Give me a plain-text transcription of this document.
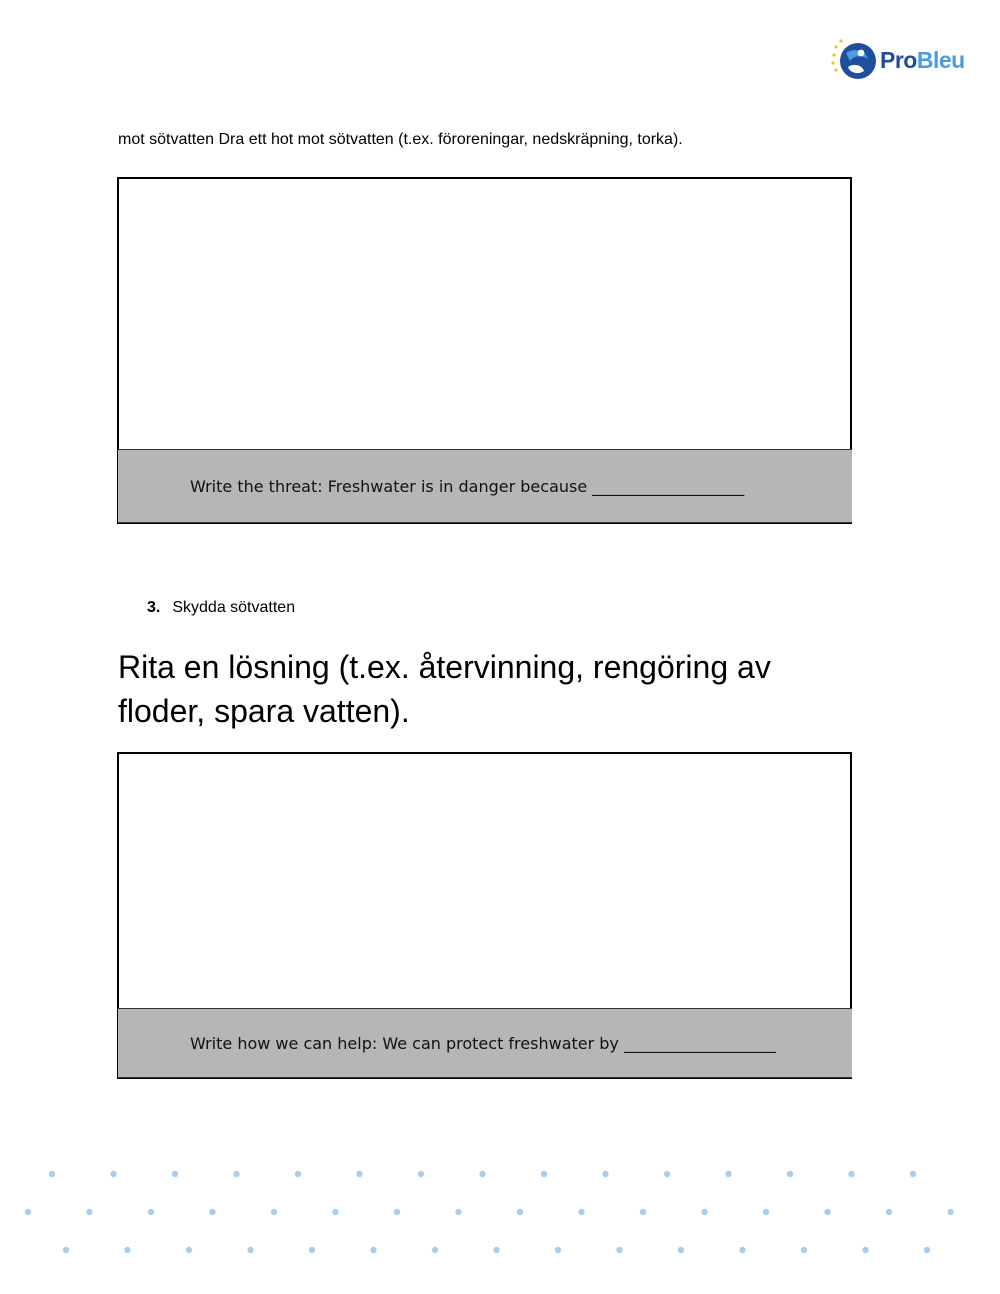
ProBleu
mot sötvatten Dra ett hot mot sötvatten (t.ex. föroreningar, nedskräpning, torka).
Write the threat: Freshwater is in danger because ___________________
3. Skydda sötvatten
Rita en lösning (t.ex. återvinning, rengöring av floder, spara vatten).
Write how we can help: We can protect freshwater by ___________________
